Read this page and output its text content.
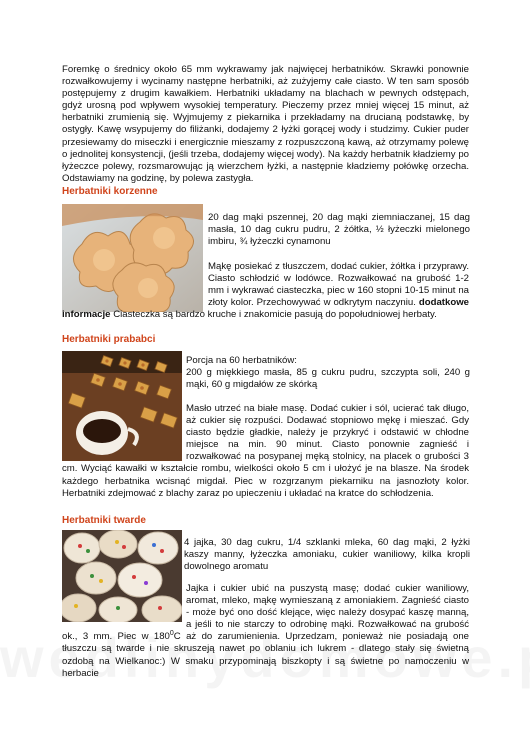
Foremkę o średnicy około 65 mm wykrawamy jak najwięcej herbatników. Skrawki ponownie rozwałkowujemy i wycinamy następne herbatniki, aż zużyjemy całe ciasto. W ten sam sposób postępujemy z drugim kawałkiem. Herbatniki układamy na blachach w pewnych odstępach, gdyż urosną pod wpływem wysokiej temperatury. Pieczemy przez mniej więcej 15 minut, aż herbatniki zrumienią się. Wyjmujemy z piekarnika i przekładamy na drucianą podstawkę, by ostygły. Kawę wsypujemy do filiżanki, dodajemy 2 łyżki gorącej wody i studzimy. Cukier puder przesiewamy do miseczki i energicznie mieszamy z rozpuszczoną kawą, aż otrzymamy polewę o jednolitej konsystencji, (jeśli trzeba, dodajemy więcej wody). Na każdy herbatnik kładziemy po łyżeczce polewy, rozsmarowując ją wierzchem łyżki, a następnie kładziemy połówkę orzecha. Odstawiamy na godzinę, by polewa zastygła.
Herbatniki korzenne
20 dag mąki pszennej, 20 dag mąki ziemniaczanej, 15 dag masła, 10 dag cukru pudru, 2 żółtka, ½ łyżeczki mielonego imbiru, ¾ łyżeczki cynamonu
Mąkę posiekać z tłuszczem, dodać cukier, żółtka i przyprawy. Ciasto schłodzić w lodówce. Rozwałkować na grubość 1-2 mm i wykrawać ciasteczka, piec w 160 stopni 10-15 minut na złoty kolor. Przechowywać w odkrytym naczyniu. dodatkowe informacje Ciasteczka są bardzo kruche i znakomicie pasują do popołudniowej herbaty.
Herbatniki prababci
Porcja na 60 herbatników:
200 g miękkiego masła, 85 g cukru pudru, szczypta soli, 240 g mąki, 60 g migdałów ze skórką
Masło utrzeć na białe masę. Dodać cukier i sól, ucierać tak długo, aż cukier się rozpuści. Dodawać stopniowo mękę i mieszać. Gdy ciasto będzie gładkie, należy je przykryć i odstawić w chłodne miejsce na min. 90 minut. Ciasto ponownie zagnieść i rozwałkować na posypanej męką stolnicy, na placek o grubości 3 cm. Wyciąć kawałki w kształcie rombu, wielkości około 5 cm i ułożyć je na blasze. Na środek każdego herbatnika wcisnąć migdał. Piec w rozgrzanym piekarniku na jasnozłoty kolor. Herbatniki zdejmować z blachy zaraz po upieczeniu i układać na kratce do schłodzenia.
Herbatniki twarde
4 jajka, 30 dag cukru, 1/4 szklanki mleka, 60 dag mąki, 2 łyżki kaszy manny, łyżeczka amoniaku, cukier waniliowy, kilka kropli dowolnego aromatu
Jajka i cukier ubić na puszystą masę; dodać cukier waniliowy, aromat, mleko, mąkę wymieszaną z amoniakiem. Zagnieść ciasto - może być ono dość klejące, więc należy dosypać kaszę manną, a jeśli to nie starczy to odrobinę mąki. Rozwałkować na grubość ok., 3 mm. Piec w $180^0C$ aż do zarumienienia. Uprzedzam, ponieważ nie posiadają one tłuszczu są twarde i nie skruszeją nawet po oblaniu ich lukrem - dlatego stały się świetną ozdobą na Wielkanoc:) W smaku przypominają biszkopty i są świetne po namoczeniu w herbacie
